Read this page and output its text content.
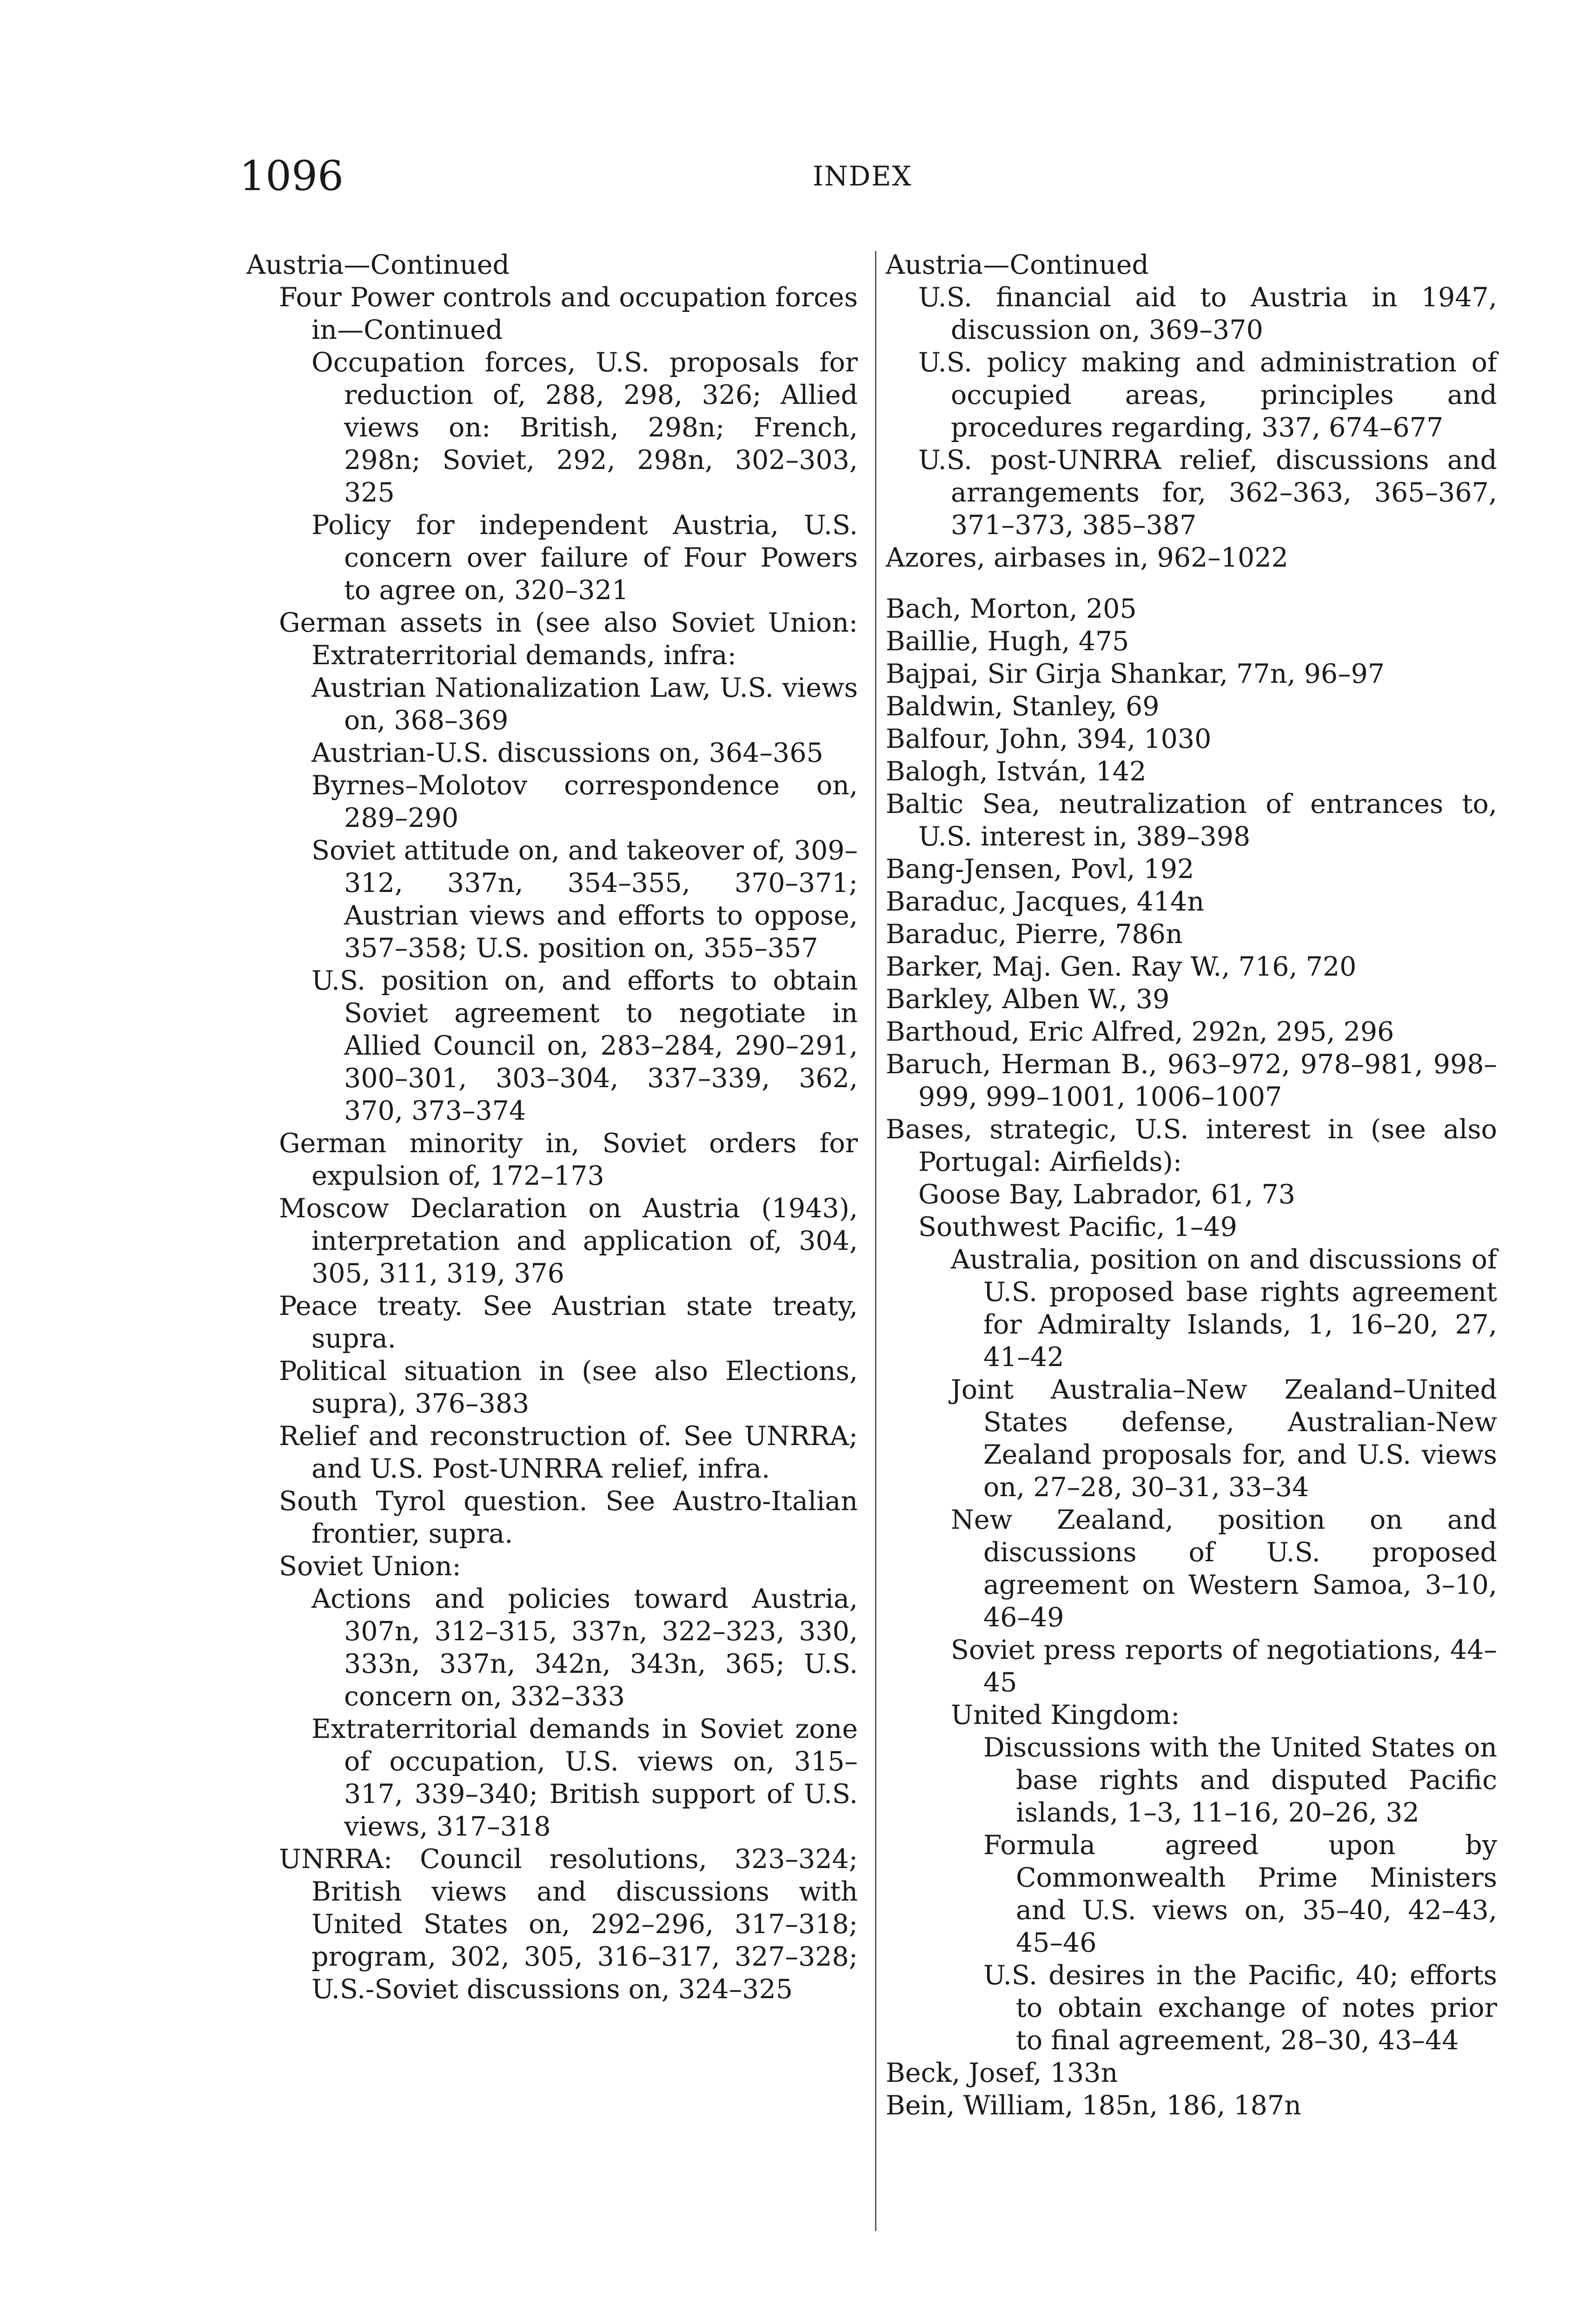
1096	INDEX
Austria—Continued
Four Power controls and occupation forces in—Continued
Occupation forces, U.S. proposals for reduction of, 288, 298, 326; Allied views on: British, 298n; French, 298n; Soviet, 292, 298n, 302–303, 325
Policy for independent Austria, U.S. concern over failure of Four Powers to agree on, 320–321
German assets in (see also Soviet Union: Extraterritorial demands, infra:
Austrian Nationalization Law, U.S. views on, 368–369
Austrian-U.S. discussions on, 364–365
Byrnes–Molotov correspondence on, 289–290
Soviet attitude on, and takeover of, 309–312, 337n, 354–355, 370–371; Austrian views and efforts to oppose, 357–358; U.S. position on, 355–357
U.S. position on, and efforts to obtain Soviet agreement to negotiate in Allied Council on, 283–284, 290–291, 300–301, 303–304, 337–339, 362, 370, 373–374
German minority in, Soviet orders for expulsion of, 172–173
Moscow Declaration on Austria (1943), interpretation and application of, 304, 305, 311, 319, 376
Peace treaty. See Austrian state treaty, supra.
Political situation in (see also Elections, supra), 376–383
Relief and reconstruction of. See UNRRA; and U.S. Post-UNRRA relief, infra.
South Tyrol question. See Austro-Italian frontier, supra.
Soviet Union:
Actions and policies toward Austria, 307n, 312–315, 337n, 322–323, 330, 333n, 337n, 342n, 343n, 365; U.S. concern on, 332–333
Extraterritorial demands in Soviet zone of occupation, U.S. views on, 315–317, 339–340; British support of U.S. views, 317–318
UNRRA: Council resolutions, 323–324; British views and discussions with United States on, 292–296, 317–318; program, 302, 305, 316–317, 327–328; U.S.-Soviet discussions on, 324–325
Austria—Continued
U.S. financial aid to Austria in 1947, discussion on, 369–370
U.S. policy making and administration of occupied areas, principles and procedures regarding, 337, 674–677
U.S. post-UNRRA relief, discussions and arrangements for, 362–363, 365–367, 371–373, 385–387
Azores, airbases in, 962–1022
Bach, Morton, 205
Baillie, Hugh, 475
Bajpai, Sir Girja Shankar, 77n, 96–97
Baldwin, Stanley, 69
Balfour, John, 394, 1030
Balogh, István, 142
Baltic Sea, neutralization of entrances to, U.S. interest in, 389–398
Bang-Jensen, Povl, 192
Baraduc, Jacques, 414n
Baraduc, Pierre, 786n
Barker, Maj. Gen. Ray W., 716, 720
Barkley, Alben W., 39
Barthoud, Eric Alfred, 292n, 295, 296
Baruch, Herman B., 963–972, 978–981, 998–999, 999–1001, 1006–1007
Bases, strategic, U.S. interest in (see also Portugal: Airfields):
Goose Bay, Labrador, 61, 73
Southwest Pacific, 1–49
Australia, position on and discussions of U.S. proposed base rights agreement for Admiralty Islands, 1, 16–20, 27, 41–42
Joint Australia–New Zealand–United States defense, Australian-New Zealand proposals for, and U.S. views on, 27–28, 30–31, 33–34
New Zealand, position on and discussions of U.S. proposed agreement on Western Samoa, 3–10, 46–49
Soviet press reports of negotiations, 44–45
United Kingdom:
Discussions with the United States on base rights and disputed Pacific islands, 1–3, 11–16, 20–26, 32
Formula agreed upon by Commonwealth Prime Ministers and U.S. views on, 35–40, 42–43, 45–46
U.S. desires in the Pacific, 40; efforts to obtain exchange of notes prior to final agreement, 28–30, 43–44
Beck, Josef, 133n
Bein, William, 185n, 186, 187n
